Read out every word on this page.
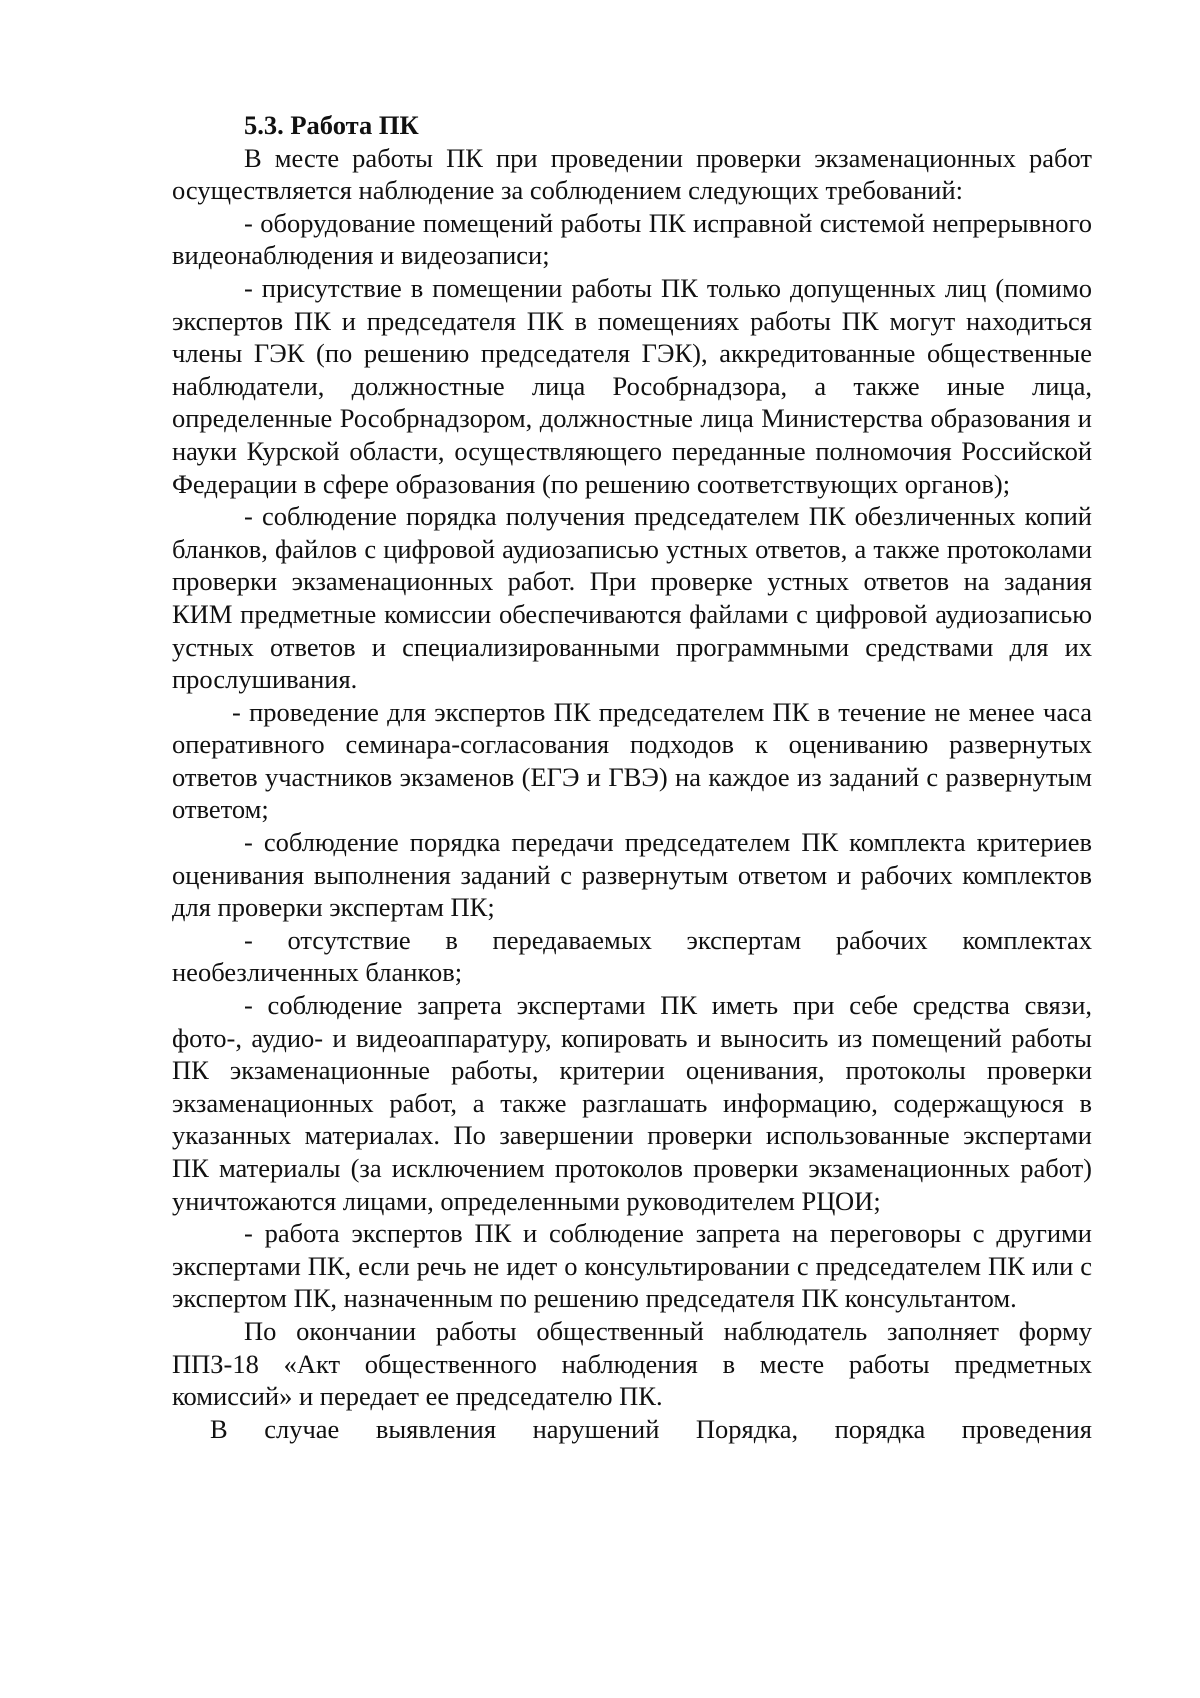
5.3. Работа ПК

В месте работы ПК при проведении проверки экзаменационных работ осуществляется наблюдение за соблюдением следующих требований:

- оборудование помещений работы ПК исправной системой непрерывного видеонаблюдения и видеозаписи;

- присутствие в помещении работы ПК только допущенных лиц (помимо экспертов ПК и председателя ПК в помещениях работы ПК могут находиться члены ГЭК (по решению председателя ГЭК), аккредитованные общественные наблюдатели, должностные лица Рособрнадзора, а также иные лица, определенные Рособрнадзором, должностные лица Министерства образования и науки Курской области, осуществляющего переданные полномочия Российской Федерации в сфере образования (по решению соответствующих органов);

- соблюдение порядка получения председателем ПК обезличенных копий бланков, файлов с цифровой аудиозаписью устных ответов, а также протоколами проверки экзаменационных работ. При проверке устных ответов на задания КИМ предметные комиссии обеспечиваются файлами с цифровой аудиозаписью устных ответов и специализированными программными средствами для их прослушивания.

- проведение для экспертов ПК председателем ПК в течение не менее часа оперативного семинара-согласования подходов к оцениванию развернутых ответов участников экзаменов (ЕГЭ и ГВЭ) на каждое из заданий с развернутым ответом;

- соблюдение порядка передачи председателем ПК комплекта критериев оценивания выполнения заданий с развернутым ответом и рабочих комплектов для проверки экспертам ПК;

- отсутствие в передаваемых экспертам рабочих комплектах необезличенных бланков;

- соблюдение запрета экспертами ПК иметь при себе средства связи, фото-, аудио- и видеоаппаратуру, копировать и выносить из помещений работы ПК экзаменационные работы, критерии оценивания, протоколы проверки экзаменационных работ, а также разглашать информацию, содержащуюся в указанных материалах. По завершении проверки использованные экспертами ПК материалы (за исключением протоколов проверки экзаменационных работ) уничтожаются лицами, определенными руководителем РЦОИ;

- работа экспертов ПК и соблюдение запрета на переговоры с другими экспертами ПК, если речь не идет о консультировании с председателем ПК или с экспертом ПК, назначенным по решению председателя ПК консультантом.

По окончании работы общественный наблюдатель заполняет форму ППЗ-18 «Акт общественного наблюдения в месте работы предметных комиссий» и передает ее председателю ПК.

В случае выявления нарушений Порядка, порядка проведения
